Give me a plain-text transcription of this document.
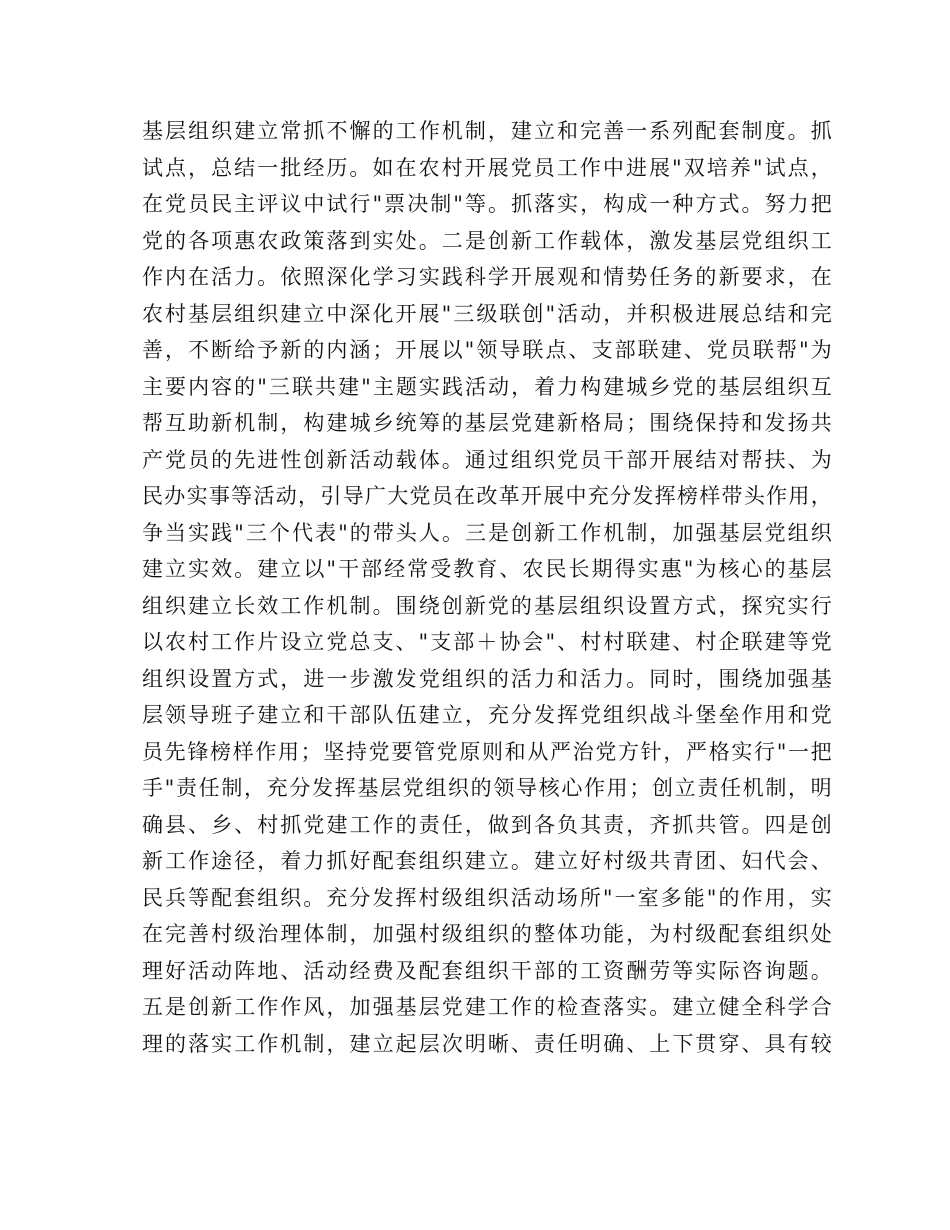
基层组织建立常抓不懈的工作机制，建立和完善一系列配套制度。抓
试点，总结一批经历。如在农村开展党员工作中进展"双培养"试点，
在党员民主评议中试行"票决制"等。抓落实，构成一种方式。努力把
党的各项惠农政策落到实处。二是创新工作载体，激发基层党组织工
作内在活力。依照深化学习实践科学开展观和情势任务的新要求，在
农村基层组织建立中深化开展"三级联创"活动，并积极进展总结和完
善，不断给予新的内涵；开展以"领导联点、支部联建、党员联帮"为
主要内容的"三联共建"主题实践活动，着力构建城乡党的基层组织互
帮互助新机制，构建城乡统筹的基层党建新格局；围绕保持和发扬共
产党员的先进性创新活动载体。通过组织党员干部开展结对帮扶、为
民办实事等活动，引导广大党员在改革开展中充分发挥榜样带头作用，
争当实践"三个代表"的带头人。三是创新工作机制，加强基层党组织
建立实效。建立以"干部经常受教育、农民长期得实惠"为核心的基层
组织建立长效工作机制。围绕创新党的基层组织设置方式，探究实行
以农村工作片设立党总支、"支部＋协会"、村村联建、村企联建等党
组织设置方式，进一步激发党组织的活力和活力。同时，围绕加强基
层领导班子建立和干部队伍建立，充分发挥党组织战斗堡垒作用和党
员先锋榜样作用；坚持党要管党原则和从严治党方针，严格实行"一把
手"责任制，充分发挥基层党组织的领导核心作用；创立责任机制，明
确县、乡、村抓党建工作的责任，做到各负其责，齐抓共管。四是创
新工作途径，着力抓好配套组织建立。建立好村级共青团、妇代会、
民兵等配套组织。充分发挥村级组织活动场所"一室多能"的作用，实
在完善村级治理体制，加强村级组织的整体功能，为村级配套组织处
理好活动阵地、活动经费及配套组织干部的工资酬劳等实际咨询题。
五是创新工作作风，加强基层党建工作的检查落实。建立健全科学合
理的落实工作机制，建立起层次明晰、责任明确、上下贯穿、具有较
